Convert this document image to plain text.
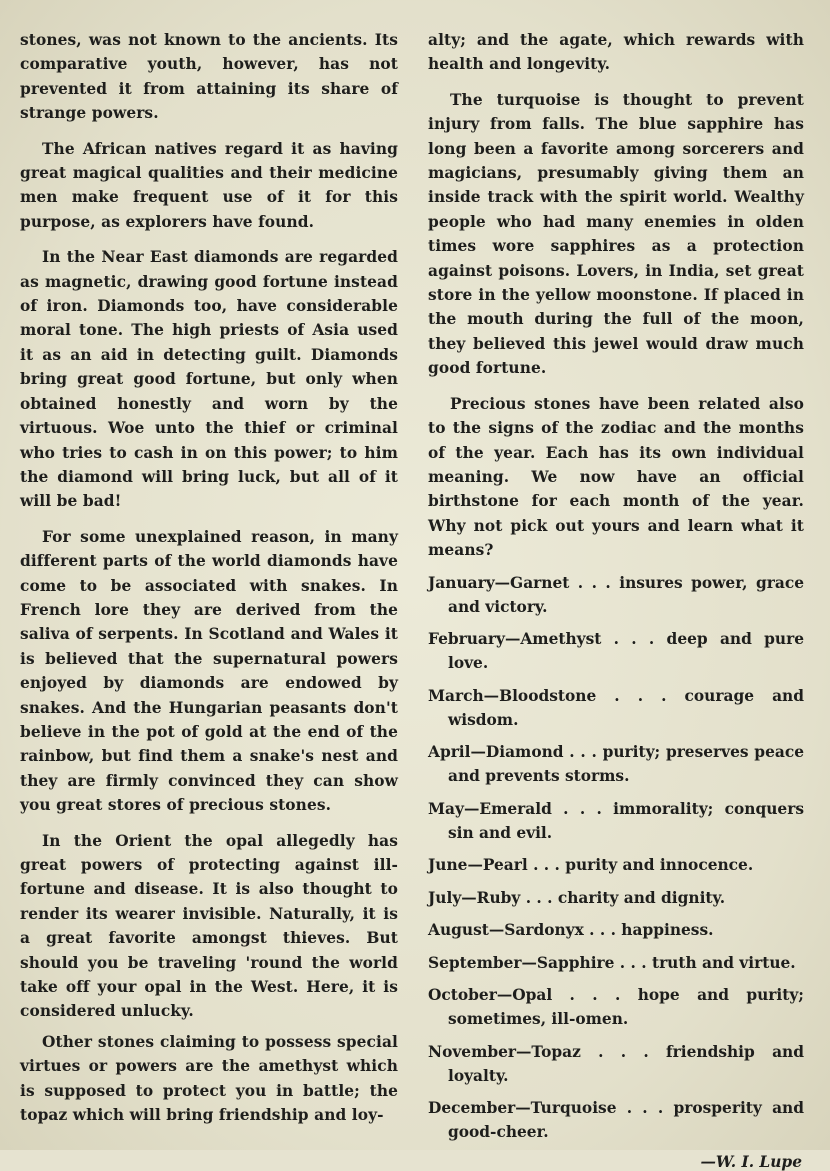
stones, was not known to the ancients. Its comparative youth, however, has not prevented it from attaining its share of strange powers.

The African natives regard it as having great magical qualities and their medicine men make frequent use of it for this purpose, as explorers have found.

In the Near East diamonds are regarded as magnetic, drawing good fortune instead of iron. Diamonds too, have considerable moral tone. The high priests of Asia used it as an aid in detecting guilt. Diamonds bring great good fortune, but only when obtained honestly and worn by the virtuous. Woe unto the thief or criminal who tries to cash in on this power; to him the diamond will bring luck, but all of it will be bad!

For some unexplained reason, in many different parts of the world diamonds have come to be associated with snakes. In French lore they are derived from the saliva of serpents. In Scotland and Wales it is believed that the supernatural powers enjoyed by diamonds are endowed by snakes. And the Hungarian peasants don't believe in the pot of gold at the end of the rainbow, but find them a snake's nest and they are firmly convinced they can show you great stores of precious stones.

In the Orient the opal allegedly has great powers of protecting against ill-fortune and disease. It is also thought to render its wearer invisible. Naturally, it is a great favorite amongst thieves. But should you be traveling 'round the world take off your opal in the West. Here, it is considered unlucky.

Other stones claiming to possess special virtues or powers are the amethyst which is supposed to protect you in battle; the topaz which will bring friendship and loy-

alty; and the agate, which rewards with health and longevity.

The turquoise is thought to prevent injury from falls. The blue sapphire has long been a favorite among sorcerers and magicians, presumably giving them an inside track with the spirit world. Wealthy people who had many enemies in olden times wore sapphires as a protection against poisons. Lovers, in India, set great store in the yellow moonstone. If placed in the mouth during the full of the moon, they believed this jewel would draw much good fortune.

Precious stones have been related also to the signs of the zodiac and the months of the year. Each has its own individual meaning. We now have an official birthstone for each month of the year. Why not pick out yours and learn what it means?

January—Garnet . . . insures power, grace and victory.
February—Amethyst . . . deep and pure love.
March—Bloodstone . . . courage and wisdom.
April—Diamond . . . purity; preserves peace and prevents storms.
May—Emerald . . . immorality; conquers sin and evil.
June—Pearl . . . purity and innocence.
July—Ruby . . . charity and dignity.
August—Sardonyx . . . happiness.
September—Sapphire . . . truth and virtue.
October—Opal . . . hope and purity; sometimes, ill-omen.
November—Topaz . . . friendship and loyalty.
December—Turquoise . . . prosperity and good-cheer.
—W. I. Lupe
